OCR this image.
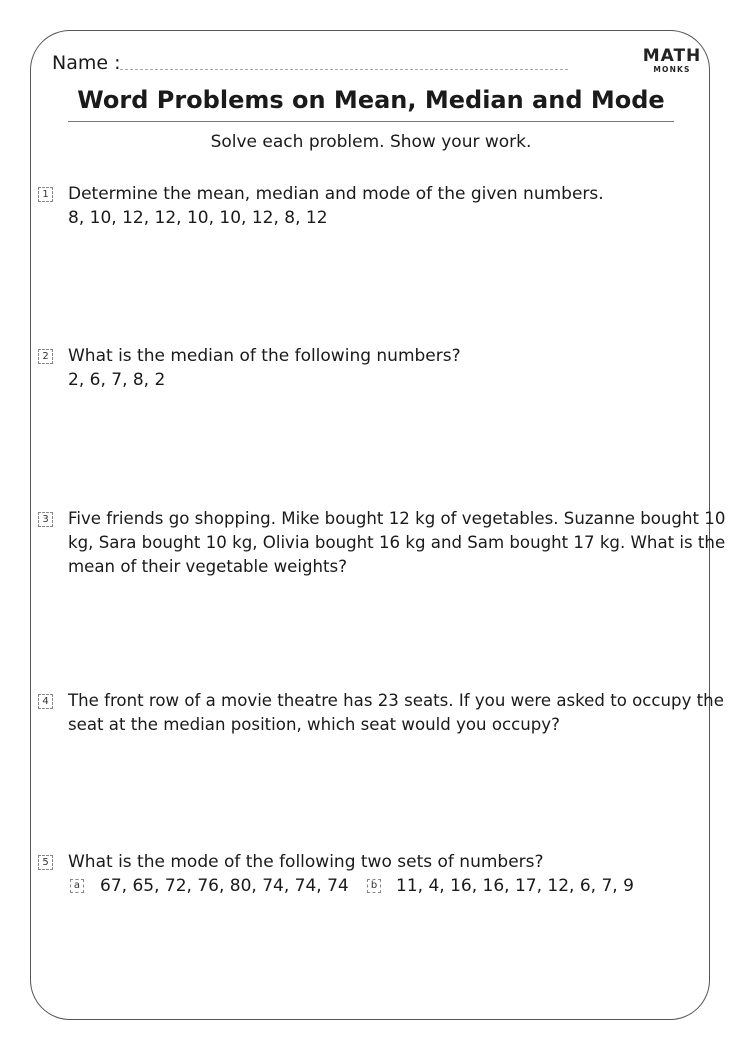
Name :	MATH
MONKS
Word Problems on Mean, Median and Mode
Solve each problem. Show your work.
1 Determine the mean, median and mode of the given numbers.
8, 10, 12, 12, 10, 10, 12, 8, 12
2 What is the median of the following numbers?
2, 6, 7, 8, 2
3 Five friends go shopping. Mike bought 12 kg of vegetables. Suzanne bought 10
kg, Sara bought 10 kg, Olivia bought 16 kg and Sam bought 17 kg. What is the
mean of their vegetable weights?
4 The front row of a movie theatre has 23 seats. If you were asked to occupy the
seat at the median position, which seat would you occupy?
5 What is the mode of the following two sets of numbers?
a 67, 65, 72, 76, 80, 74, 74, 74	b 11, 4, 16, 16, 17, 12, 6, 7, 9
